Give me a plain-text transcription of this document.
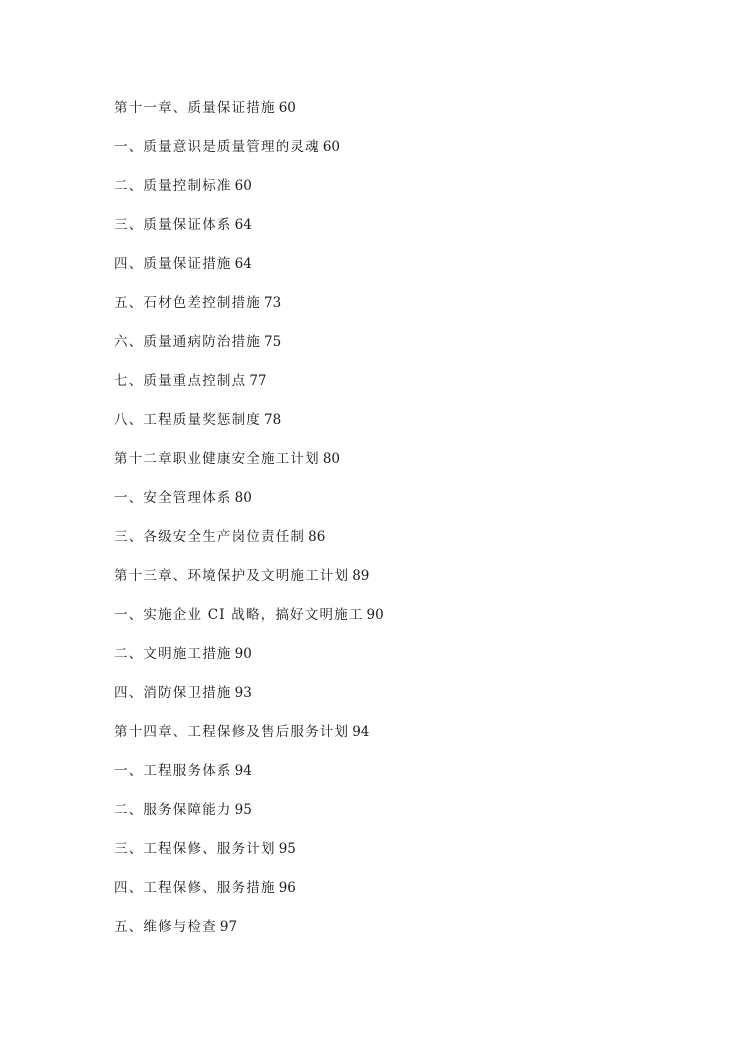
第十一章、质量保证措施 60
一、质量意识是质量管理的灵魂 60
二、质量控制标准 60
三、质量保证体系 64
四、质量保证措施 64
五、石材色差控制措施 73
六、质量通病防治措施 75
七、质量重点控制点 77
八、工程质量奖惩制度 78
第十二章职业健康安全施工计划 80
一、安全管理体系 80
三、各级安全生产岗位责任制 86
第十三章、环境保护及文明施工计划 89
一、实施企业 CI 战略，搞好文明施工 90
二、文明施工措施 90
四、消防保卫措施 93
第十四章、工程保修及售后服务计划 94
一、工程服务体系 94
二、服务保障能力 95
三、工程保修、服务计划 95
四、工程保修、服务措施 96
五、维修与检查 97
